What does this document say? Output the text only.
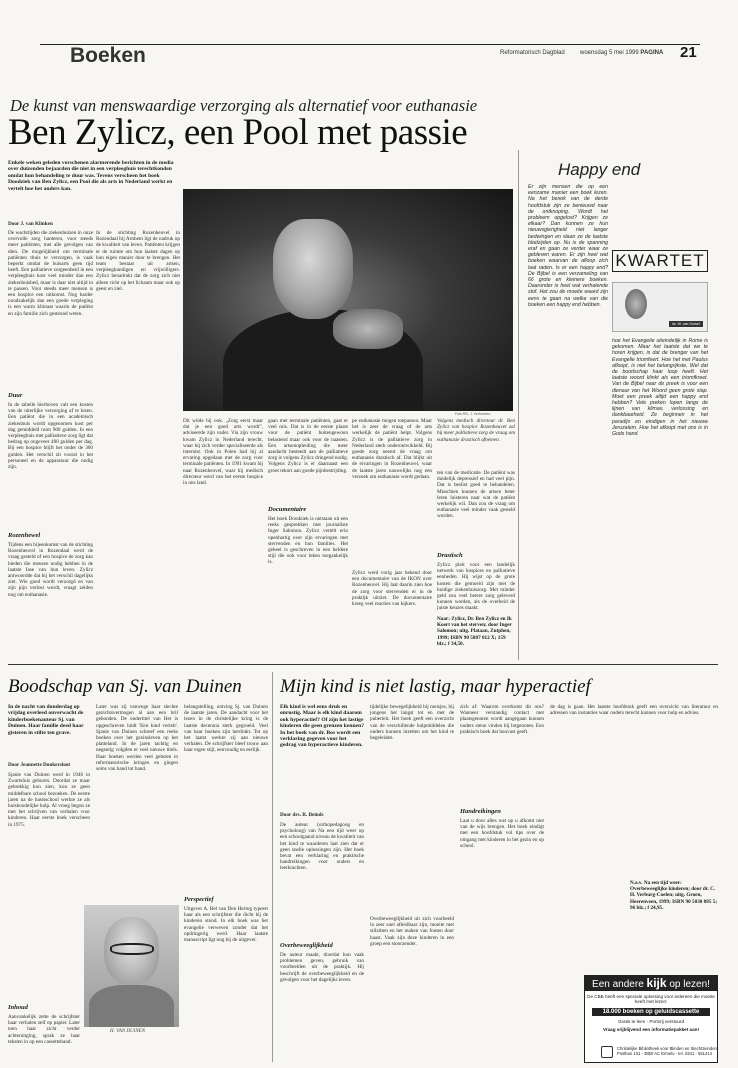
Boeken	Reformatorisch Dagblad	woensdag 5 mei 1999 PAGINA 21
De kunst van menswaardige verzorging als alternatief voor euthanasie
Ben Zylicz, een Pool met passie
Enkele weken geleden verschenen alarmerende berichten in de media over duizenden bejaarden die niet in een verpleeghuis terechtkonden omdat hun behandeling te duur was. Tevens verscheen het boek Doodziek van Ben Zylicz, een Pool die als arts in Nederland werkt en vertelt hoe het anders kan.
Door J. van Klinken
De wachttijden die ziekenhuizen in onze overvolle zorg hanteren, voor steeds meer patiënten, met alle gevolgen van dien. De mogelijkheid om terminale patiënten thuis te verzorgen, is vaak beperkt omdat de huisarts geen tijd heeft. Een palliatieve zorgeenheid in een verpleeghuis kost veel minder dan een ziekenhuisbed, maar is daar niet altijd in te passen. Voor steeds meer mensen is een hospice een uitkomst. Nog harder noodzakelijk dan een goede verpleging is een warm klimaat waarin de patiënt en zijn familie zich gesteund weten.
Duur
In de tabelle hierboven valt een kosten van de uiterlijke verzorging af te lezen. Een patiënt die in een academisch ziekenhuis wordt opgenomen kost per dag gemiddeld ruim 900 gulden. In een verpleeghuis met palliatieve zorg ligt dat bedrag op ongeveer 400 gulden per dag. Bij een hospice blijft het onder de 300 gulden. Het verschil zit vooral in het personeel en de apparatuur die nodig zijn.
Rozenhewel
Tijdens een bijeenkomst van de stichting Rozenheuvel in Rozendaal werd de vraag gesteld of een hospice de zorg kan bieden die mensen nodig hebben in de laatste fase van hun leven. Zylicz antwoordde dat hij het verschil dagelijks ziet. Wie goed wordt verzorgd en van zijn pijn verlost wordt, vraagt zelden nog om euthanasie.
In de stichting Rozenheuvel in Rozendaal bij Arnhem ligt de nadruk op de kwaliteit van leven. Patiënten krijgen er de ruimte om hun laatste dagen op hun eigen manier door te brengen. Het team bestaat uit artsen, verpleegkundigen en vrijwilligers. Zylicz benadrukt dat de zorg zich niet alleen richt op het lichaam maar ook op geest en ziel.
Foto RD, J. Verhoeven
Dit wilde hij ook. „Zorg eerst maar dat je een goed arts wordt”, adviseerde zijn vader. Via zijn vrouw kwam Zylicz in Nederland terecht, waar hij zich verder specialiseerde als internist. Ook in Polen had hij al ervaring opgedaan met de zorg voor terminale patiënten. In 1991 kwam hij naar Rozenheuvel, waar hij medisch directeur werd van het eerste hospice in ons land.
gaan met terminale patiënten, gaat er veel mis. Dat is in de eerste plaats voor de patiënt buitengewoon belastend maar ook voor de naasten. Een artsenopleiding die meer aandacht besteedt aan de palliatieve zorg is volgens Zylicz dringend nodig. Volgens Zylicz is er daarnaast een groot tekort aan goede pijnbestrijding.
Documentaire
Het boek Doodziek is ontstaan uit een reeks gesprekken met journaliste Inger Salomon. Zylicz vertelt erin openhartig over zijn ervaringen met stervenden en hun families. Het geheel is geschreven in een heldere stijl die ook voor leken toegankelijk is.
pe euthanasie mogen toepassen. Maar het is zeer de vraag of de arts werkelijk de patiënt helpt. Volgens Zylicz is de palliatieve zorg in Nederland sterk onderontwikkeld. Bij goede zorg neemt de vraag om euthanasie drastisch af. Dat blijkt uit de ervaringen in Rozenheuvel, waar de laatste jaren nauwelijks nog een verzoek om euthanasie wordt gedaan.
Zylicz werd vorig jaar bekend door een documentaire van de IKON over Rozenheuvel. Hij laat daarin zien hoe de zorg voor stervenden er in de praktijk uitziet. De documentaire kreeg veel reacties van kijkers.
Volgens medisch directeur dr. Ben Zylicz van hospice Rozenheuvel zal bij meer palliatieve zorg de vraag om euthanasie drastisch afnemen.
ten van de medicatie. De patiënt was duidelijk depressief en had veel pijn. Dat is beslist goed te behandelen. Misschien kunnen de artsen beter leren luisteren naar wat de patiënt werkelijk wil. Dan zou de vraag om euthanasie veel minder vaak gesteld worden.
Drastisch
Zylicz pleit voor een landelijk netwerk van hospices en palliatieve eenheden. Hij wijst op de grote kosten die gemoeid zijn met de huidige ziekenhuiszorg. Met minder geld zou veel betere zorg geleverd kunnen worden, als de overheid de juiste keuzes maakt.
Naar: Zylicz, Dr. Ben Zylicz en Ik Koert van het sterven; door Inger Salomon; uitg. Plataan, Zutphen, 1999; ISBN 90 5807 012 X; 159 blz.; f 34,50.
Happy end
Er zijn mensen die op een eenzame manier een boek lezen. Na het bereik van de derde hoofdstuk zijn ze benieuwd naar de ontknoping. Wordt het probleem opgelost? Krijgen ze elkaar? Dan kunnen ze hun nieuwsgierigheid niet langer bedwingen en slaan ze de laatste bladzijden op. Nu is de spanning eraf en gaan ze verder waar ze gebleven waren. Er zijn heel wat boeken waarvan de afloop zich laat raden. Is er een happy end? De Bijbel is een verzameling van 66 grote en kleinere boeken. Daaronder is heel wat verhalende stof. Het zou de moeite waard zijn eens te gaan na welke van die boeken een happy end hebben.
KWARTET
ds. W. van Gorsel
hoe het Evangelie uiteindelijk in Rome is gekomen. Maar het laatste dat we te horen krijgen, is dat de brenger van het Evangelie triomfeert. Hoe het met Paulus afloopt, is niet het belangrijkste. Wel dat de boodschap haar loop heeft. Het laatste woord klinkt als een triomfkreet. Van de Bijbel naar de preek is voor een dienaar van het Woord geen grote stap. Moet een preek altijd een happy end hebben? Vele preken lopen langs de lijnen van klimax, verlossing en dankbaarheid. Ze beginnen in het paradijs en eindigen in het nieuwe Jeruzalem. Hoe het afloopt met ons is in Gods hand.
Boodschap van Sj. van Duinen
In de nacht van donderdag op vrijdag overleed onverwacht de kinderboekenauteur Sj. van Duinen. Haar familie deed haar gisteren in stilte ten grave.
Door Jeannette Donkersloot
Sjanie van Duinen werd in 1946 in Zwartsluis geboren. Doordat ze maar gebrekkig kon zien, kon ze geen middelbare school bezoeken. De eerste jaren na de basisschool werkte ze als huishoudelijke hulp. Al vroeg begon ze met het schrijven van verhalen voor kinderen. Haar eerste boek verscheen in 1975.
Inhoud
Aanvankelijk zette de schrijfster haar verhalen zelf op papier. Later toen haar zicht verder achteruitging, sprak ze haar teksten in op een cassetteband.
Later was zij vanwege haar slechte gezichtsvermogen al aan een bril gebonden. De ondertitel van Het is opgeschreven luidt 'Een kind vertelt'. Sjanie van Duinen schreef een reeks boeken over het gezinsleven op het platteland. In de jaren tachtig en negentig volgden er veel nieuwe titels. Haar boeken werden veel gelezen in reformatorische kringen en gingen soms van hand tot hand.
H. VAN DUINEN
belangstelling, ontving Sj. van Duinen de laatste jaren. De aandacht voor het lezen in de christelijke kring is de laatste decennia sterk gegroeid. Veel van haar boeken zijn herdrukt. Tot op het laatst werkte zij aan nieuwe verhalen. De schrijfster bleef trouw aan haar eigen stijl, eenvoudig en eerlijk.
Perspectief
Uitgever A. Bel van Den Hertog typeert haar als een schrijfster die dicht bij de kinderen stond. In elk boek was het evangelie verweven zonder dat het opdringerig werd. Haar laatste manuscript ligt nog bij de uitgever.
Mijn kind is niet lastig, maar hyperactief
Elk kind is wel eens druk en onrustig. Maar is elk kind daarom ook hyperactief? Of zijn het lastige kinderen die geen grenzen kennen? In het boek van dr. Bos wordt een verklaring gegeven voor het gedrag van hyperactieve kinderen.
Door drs. R. Beinds
De auteur (orthopedagoog en psycholoog) van Na een tijd weer op een schoolgaand niveau de kwaliteit van het kind te waarderen laat zien dat er geen snelle oplossingen zijn. Het boek bevat een verklaring en praktische handreikingen voor ouders en leerkrachten.
Overbeweeglijkheid
De auteur maakt, doordat hun vaak problemen geven, gebruik van voorbeelden uit de praktijk. Hij beschrijft de overbeweeglijkheid en de gevolgen voor het dagelijks leven.
tijdelijke bewegelijkheid bij meisjes, bij jongens het langst tot en met de puberteit. Het boek geeft een overzicht van de verschillende hulpmiddelen die ouders kunnen inzetten om het kind te begeleiden.
Overbeweeglijkheid uit zich voorbeeld in zeer snel afleidbaar zijn, moeite met stilzitten en het maken van fouten door haast. Vaak zijn deze kinderen in een groep een stoorzender.
zich af: Waarom overkomt dit ons? Wanneer verstandig contact met plaatsgenoten wordt aangegaan kunnen ouders steun vinden bij lotgenoten. Een praktisch boek dat houvast geeft.
Handreikingen
Laat u door alles wat op u afkomt niet van de wijs brengen. Het boek eindigt met een hoofdstuk vol tips over de omgang met kinderen in het gezin en op school.
de dag is gaan. Het laatste hoofdstuk geeft een overzicht van literatuur en adressen van instanties waar ouders terecht kunnen voor hulp en advies.
N.a.v. Na een tijd weer: Overbeweeglijke kinderen; door dr. C. H. Verburg-Coelen; uitg. Groen, Heerenveen, 1999; ISBN 90 5030 885 5; 96 blz.; f 24,95.
Een andere kijk op lezen!
De CBB heeft een speciale oplossing voor iedereen die moeite heeft met lezen:
18.000 boeken op geluidscassette
Gratis te leen - Portvrij verstuurd
Vraag vrijblijvend een informatiepakket aan!
Christelijke Bibliotheek voor Blinden en Slechtzienden
Postbus 131 - 3850 AC Ermelo - tel. 0341 - 551414
